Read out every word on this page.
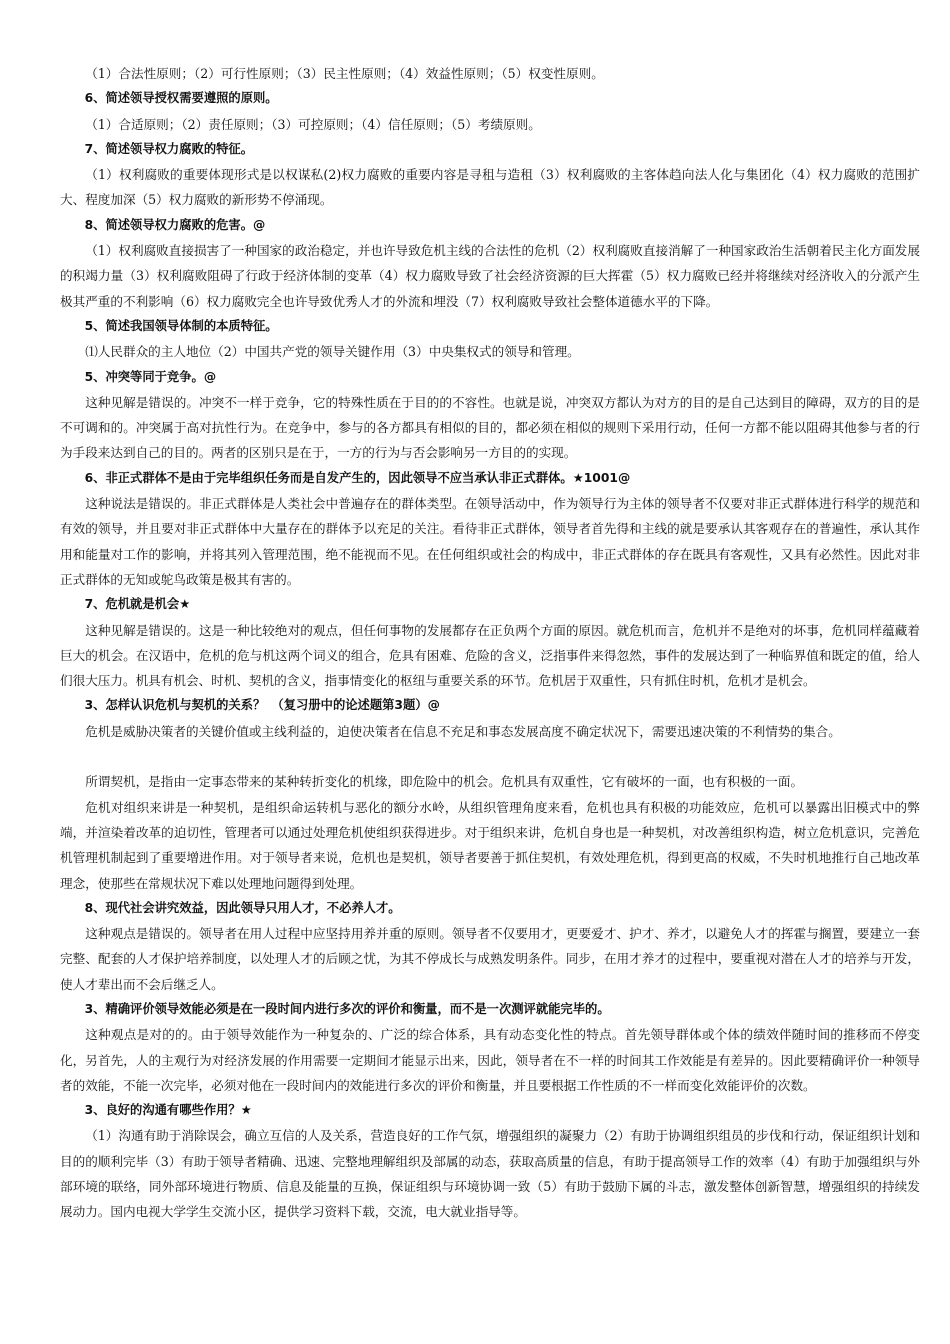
（1）合法性原则；（2）可行性原则；（3）民主性原则；（4）效益性原则；（5）权变性原则。

6、简述领导授权需要遵照的原则。

（1）合适原则；（2）责任原则；（3）可控原则；（4）信任原则；（5）考绩原则。

7、简述领导权力腐败的特征。

（1）权利腐败的重要体现形式是以权谋私(2)权力腐败的重要内容是寻租与造租（3）权利腐败的主客体趋向法人化与集团化（4）权力腐败的范围扩大、程度加深（5）权力腐败的新形势不停涌现。

8、简述领导权力腐败的危害。@

（1）权利腐败直接损害了一种国家的政治稳定，并也许导致危机主线的合法性的危机（2）权利腐败直接消解了一种国家政治生活朝着民主化方面发展的积竭力量（3）权利腐败阻碍了行政于经济体制的变革（4）权力腐败导致了社会经济资源的巨大挥霍（5）权力腐败已经并将继续对经济收入的分派产生极其严重的不利影响（6）权力腐败完全也许导致优秀人才的外流和埋没（7）权利腐败导致社会整体道德水平的下降。

5、简述我国领导体制的本质特征。

⑴人民群众的主人地位（2）中国共产党的领导关键作用（3）中央集权式的领导和管理。

5、冲突等同于竞争。@

这种见解是错误的。冲突不一样于竞争，它的特殊性质在于目的的不容性。也就是说，冲突双方都认为对方的目的是自己达到目的障碍，双方的目的是不可调和的。冲突属于高对抗性行为。在竞争中，参与的各方都具有相似的目的，都必须在相似的规则下采用行动，任何一方都不能以阻碍其他参与者的行为手段来达到自己的目的。两者的区别只是在于，一方的行为与否会影响另一方目的的实现。

6、非正式群体不是由于完毕组织任务而是自发产生的，因此领导不应当承认非正式群体。★1001@

这种说法是错误的。非正式群体是人类社会中普遍存在的群体类型。在领导活动中，作为领导行为主体的领导者不仅要对非正式群体进行科学的规范和有效的领导，并且要对非正式群体中大量存在的群体予以充足的关注。看待非正式群体，领导者首先得和主线的就是要承认其客观存在的普遍性，承认其作用和能量对工作的影响，并将其列入管理范围，绝不能视而不见。在任何组织或社会的构成中，非正式群体的存在既具有客观性，又具有必然性。因此对非正式群体的无知或鸵鸟政策是极其有害的。

7、危机就是机会★

这种见解是错误的。这是一种比较绝对的观点，但任何事物的发展都存在正负两个方面的原因。就危机而言，危机并不是绝对的坏事，危机同样蕴藏着巨大的机会。在汉语中，危机的危与机这两个词义的组合，危具有困难、危险的含义，泛指事件来得忽然，事件的发展达到了一种临界值和既定的值，给人们很大压力。机具有机会、时机、契机的含义，指事情变化的枢纽与重要关系的环节。危机居于双重性，只有抓住时机，危机才是机会。

3、怎样认识危机与契机的关系？　（复习册中的论述题第3题）@

危机是威胁决策者的关键价值或主线利益的，迫使决策者在信息不充足和事态发展高度不确定状况下，需要迅速决策的不利情势的集合。

所谓契机，是指由一定事态带来的某种转折变化的机缘，即危险中的机会。危机具有双重性，它有破坏的一面，也有积极的一面。

危机对组织来讲是一种契机，是组织命运转机与恶化的额分水岭，从组织管理角度来看，危机也具有积极的功能效应，危机可以暴露出旧模式中的弊端，并渲染着改革的迫切性，管理者可以通过处理危机使组织获得进步。对于组织来讲，危机自身也是一种契机，对改善组织构造，树立危机意识，完善危机管理机制起到了重要增进作用。对于领导者来说，危机也是契机，领导者要善于抓住契机，有效处理危机，得到更高的权威，不失时机地推行自己地改革理念，使那些在常规状况下难以处理地问题得到处理。

8、现代社会讲究效益，因此领导只用人才，不必养人才。

这种观点是错误的。领导者在用人过程中应坚持用养并重的原则。领导者不仅要用才，更要爱才、护才、养才，以避免人才的挥霍与搁置，要建立一套完整、配套的人才保护培养制度，以处理人才的后顾之忧，为其不停成长与成熟发明条件。同步，在用才养才的过程中，要重视对潜在人才的培养与开发，使人才辈出而不会后继乏人。

3、精确评价领导效能必须是在一段时间内进行多次的评价和衡量，而不是一次测评就能完毕的。

这种观点是对的的。由于领导效能作为一种复杂的、广泛的综合体系，具有动态变化性的特点。首先领导群体或个体的绩效伴随时间的推移而不停变化，另首先，人的主观行为对经济发展的作用需要一定期间才能显示出来，因此，领导者在不一样的时间其工作效能是有差异的。因此要精确评价一种领导者的效能，不能一次完毕，必须对他在一段时间内的效能进行多次的评价和衡量，并且要根据工作性质的不一样而变化效能评价的次数。

3、良好的沟通有哪些作用？★

（1）沟通有助于消除误会，确立互信的人及关系，营造良好的工作气氛，增强组织的凝聚力（2）有助于协调组织组员的步伐和行动，保证组织计划和目的的顺利完毕（3）有助于领导者精确、迅速、完整地理解组织及部属的动态，获取高质量的信息，有助于提高领导工作的效率（4）有助于加强组织与外部环境的联络，同外部环境进行物质、信息及能量的互换，保证组织与环境协调一致（5）有助于鼓励下属的斗志，激发整体创新智慧，增强组织的持续发展动力。国内电视大学学生交流小区，提供学习资料下载，交流，电大就业指导等。
